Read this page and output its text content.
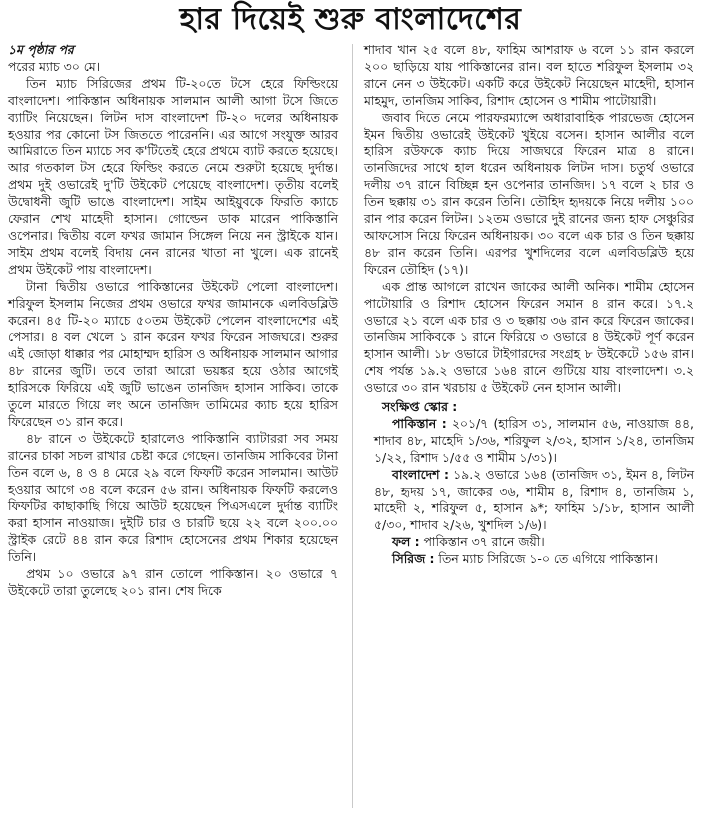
হার দিয়েই শুরু বাংলাদেশের

১ম পৃষ্ঠার পর

পরের ম্যাচ ৩০ মে।

তিন ম্যাচ সিরিজের প্রথম টি-২০তে টসে হেরে ফিল্ডিংয়ে বাংলাদেশ। পাকিস্তান অধিনায়ক সালমান আলী আগা টসে জিতে ব্যাটিং নিয়েছেন। লিটন দাস বাংলাদেশ টি-২০ দলের অধিনায়ক হওয়ার পর কোনো টস জিততে পারেননি। এর আগে সংযুক্ত আরব আমিরাতে তিন ম্যাচে সব ক'টিতেই হেরে প্রথমে ব্যাট করতে হয়েছে। আর গতকাল টস হেরে ফিল্ডিং করতে নেমে শুরুটা হয়েছে দুর্দান্ত। প্রথম দুই ওভারেই দু'টি উইকেট পেয়েছে বাংলাদেশ। তৃতীয় বলেই উদ্বোধনী জুটি ভাঙে বাংলাদেশ। সাইম আইয়ুবকে ফিরতি ক্যাচে ফেরান শেখ মাহেদী হাসান। গোল্ডেন ডাক মারেন পাকিস্তানি ওপেনার। দ্বিতীয় বলে ফখর জামান সিঙ্গেল নিয়ে নন স্ট্রাইকে যান। সাইম প্রথম বলেই বিদায় নেন রানের খাতা না খুলে। এক রানেই প্রথম উইকেট পায় বাংলাদেশ।

টানা দ্বিতীয় ওভারে পাকিস্তানের উইকেট পেলো বাংলাদেশ। শরিফুল ইসলাম নিজের প্রথম ওভারে ফখর জামানকে এলবিডব্লিউ করেন। ৪৫ টি-২০ ম্যাচে ৫০তম উইকেট পেলেন বাংলাদেশের এই পেসার। ৪ বল খেলে ১ রান করেন ফখর ফিরেন সাজঘরে। শুরুর এই জোড়া ধাক্কার পর মোহাম্মদ হারিস ও অধিনায়ক সালমান আগার ৪৮ রানের জুটি। তবে তারা আরো ভয়ঙ্কর হয়ে ওঠার আগেই হারিসকে ফিরিয়ে এই জুটি ভাঙেন তানজিদ হাসান সাকিব। তাকে তুলে মারতে গিয়ে লং অনে তানজিদ তামিমের ক্যাচ হয়ে হারিস ফিরেছেন ৩১ রান করে।

৪৮ রানে ৩ উইকেটে হারালেও পাকিস্তানি ব্যাটাররা সব সময় রানের চাকা সচল রাখার চেষ্টা করে গেছেন। তানজিম সাকিবের টানা তিন বলে ৬, ৪ ও ৪ মেরে ২৯ বলে ফিফটি করেন সালমান। আউট হওয়ার আগে ৩৪ বলে করেন ৫৬ রান। অধিনায়ক ফিফটি করলেও ফিফটির কাছাকাছি গিয়ে আউট হয়েছেন পিএসএলে দুর্দান্ত ব্যাটিং করা হাসান নাওয়াজ। দুইটি চার ও চারটি ছয়ে ২২ বলে ২০০.০০ স্ট্রাইক রেটে ৪৪ রান করে রিশাদ হোসেনের প্রথম শিকার হয়েছেন তিনি।

প্রথম ১০ ওভারে ৯৭ রান তোলে পাকিস্তান। ২০ ওভারে ৭ উইকেটে তারা তুলেছে ২০১ রান। শেষ দিকে

শাদাব খান ২৫ বলে ৪৮, ফাহিম আশরাফ ৬ বলে ১১ রান করলে ২০০ ছাড়িয়ে যায় পাকিস্তানের রান। বল হাতে শরিফুল ইসলাম ৩২ রানে নেন ৩ উইকেট। একটি করে উইকেট নিয়েছেন মাহেদী, হাসান মাহমুদ, তানজিম সাকিব, রিশাদ হোসেন ও শামীম পাটোয়ারী।

জবাব দিতে নেমে পারফরম্যান্সে অধারাবাহিক পারভেজ হোসেন ইমন দ্বিতীয় ওভারেই উইকেট খুইয়ে বসেন। হাসান আলীর বলে হারিস রউফকে ক্যাচ দিয়ে সাজঘরে ফিরেন মাত্র ৪ রানে। তানজিদের সাথে হাল ধরেন অধিনায়ক লিটন দাস। চতুর্থ ওভারে দলীয় ৩৭ রানে বিচ্ছিন্ন হন ওপেনার তানজিদ। ১৭ বলে ২ চার ও তিন ছক্কায় ৩১ রান করেন তিনি। তৌহিদ হৃদয়কে নিয়ে দলীয় ১০০ রান পার করেন লিটন। ১২তম ওভারে দুই রানের জন্য হাফ সেঞ্চুরির আফসোস নিয়ে ফিরেন অধিনায়ক। ৩০ বলে এক চার ও তিন ছক্কায় ৪৮ রান করেন তিনি। এরপর খুশদিলের বলে এলবিডব্লিউ হয়ে ফিরেন তৌহিদ (১৭)।

এক প্রান্ত আগলে রাখেন জাকের আলী অনিক। শামীম হোসেন পাটোয়ারি ও রিশাদ হোসেন ফিরেন সমান ৪ রান করে। ১৭.২ ওভারে ২১ বলে এক চার ও ৩ ছক্কায় ৩৬ রান করে ফিরেন জাকের। তানজিম সাকিবকে ১ রানে ফিরিয়ে ৩ ওভারে ৪ উইকেট পূর্ণ করেন হাসান আলী। ১৮ ওভারে টাইগারদের সংগ্রহ ৮ উইকেটে ১৫৬ রান। শেষ পর্যন্ত ১৯.২ ওভারে ১৬৪ রানে গুটিয়ে যায় বাংলাদেশ। ৩.২ ওভারে ৩০ রান খরচায় ৫ উইকেট নেন হাসান আলী।

সংক্ষিপ্ত স্কোর :

পাকিস্তান : ২০১/৭ (হারিস ৩১, সালমান ৫৬, নাওয়াজ ৪৪, শাদাব ৪৮, মাহেদি ১/৩৬, শরিফুল ২/৩২, হাসান ১/২৪, তানজিম ১/২২, রিশাদ ১/৫৫ ও শামীম ১/৩১)।

বাংলাদেশ : ১৯.২ ওভারে ১৬৪ (তানজিদ ৩১, ইমন ৪, লিটন ৪৮, হৃদয় ১৭, জাকের ৩৬, শামীম ৪, রিশাদ ৪, তানজিম ১, মাহেদী ২, শরিফুল ৫, হাসান ৯*; ফাহিম ১/১৮, হাসান আলী ৫/৩০, শাদাব ২/২৬, খুশদিল ১/৬)।

ফল : পাকিস্তান ৩৭ রানে জয়ী।

সিরিজ : তিন ম্যাচ সিরিজে ১-০ তে এগিয়ে পাকিস্তান।
